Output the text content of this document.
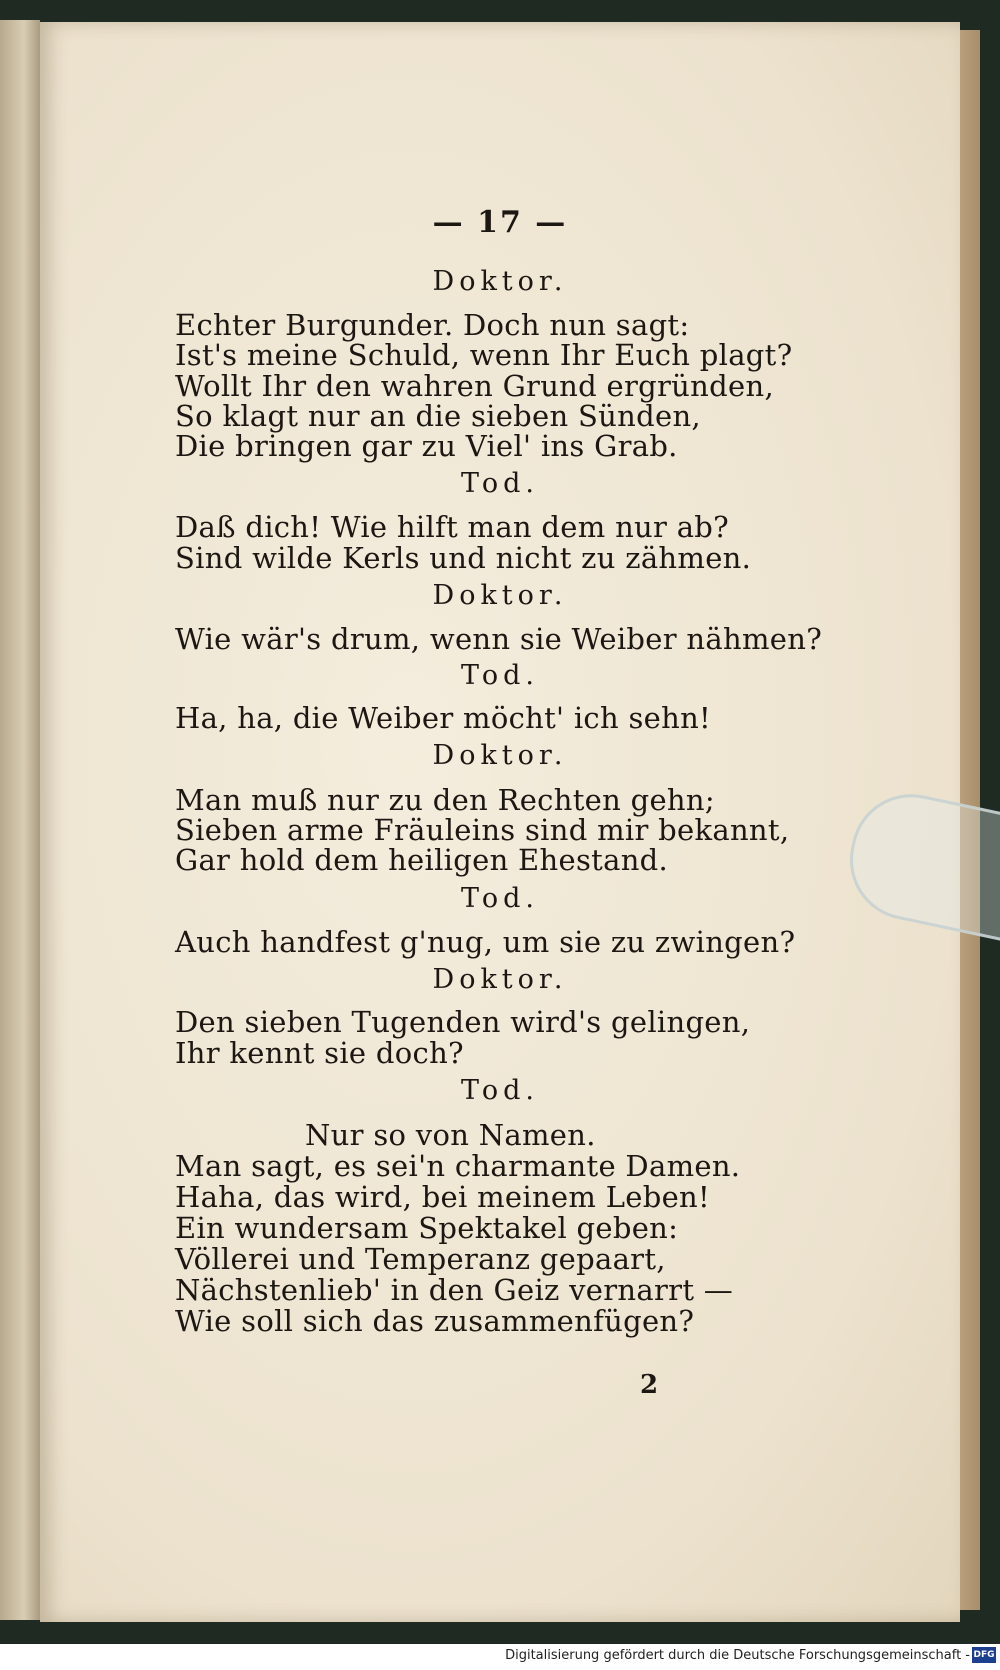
— 17 —
Doktor.
Echter Burgunder. Doch nun sagt:
Ist's meine Schuld, wenn Ihr Euch plagt?
Wollt Ihr den wahren Grund ergründen,
So klagt nur an die sieben Sünden,
Die bringen gar zu Viel' ins Grab.
Tod.
Daß dich! Wie hilft man dem nur ab?
Sind wilde Kerls und nicht zu zähmen.
Doktor.
Wie wär's drum, wenn sie Weiber nähmen?
Tod.
Ha, ha, die Weiber möcht' ich sehn!
Doktor.
Man muß nur zu den Rechten gehn;
Sieben arme Fräuleins sind mir bekannt,
Gar hold dem heiligen Ehestand.
Tod.
Auch handfest g'nug, um sie zu zwingen?
Doktor.
Den sieben Tugenden wird's gelingen,
Ihr kennt sie doch?
Tod.
Nur so von Namen.
Man sagt, es sei'n charmante Damen.
Haha, das wird, bei meinem Leben!
Ein wundersam Spektakel geben:
Völlerei und Temperanz gepaart,
Nächstenlieb' in den Geiz vernarrt —
Wie soll sich das zusammenfügen?
2
Digitalisierung gefördert durch die Deutsche Forschungsgemeinschaft - DFG
